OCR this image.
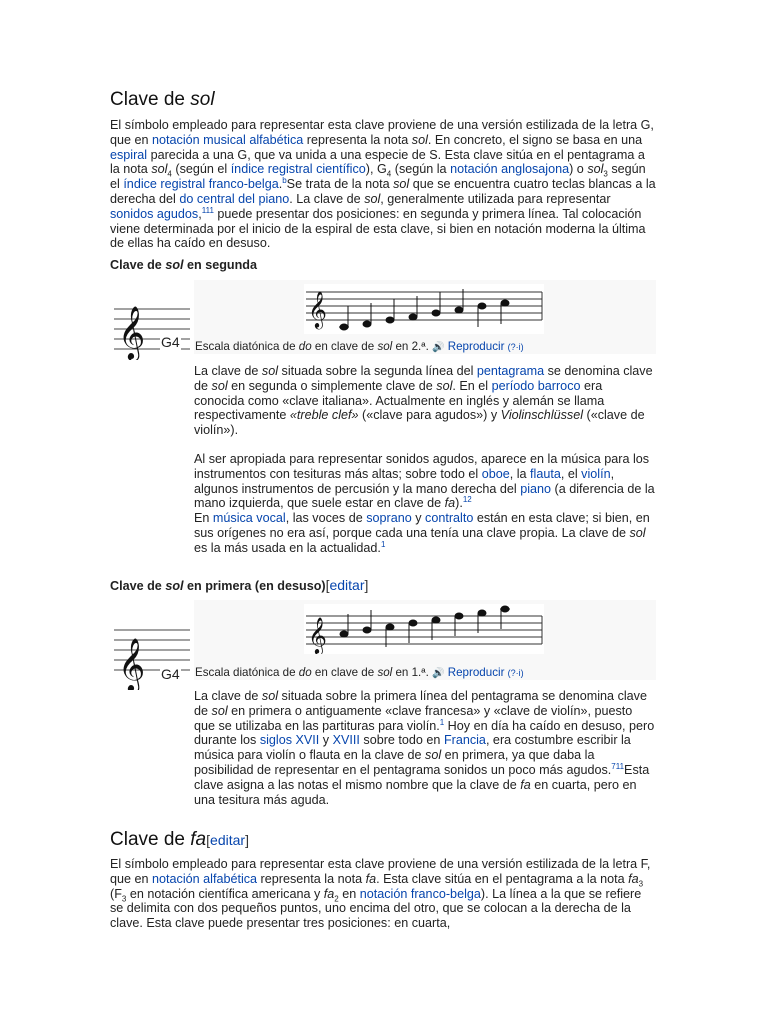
Clave de sol

El símbolo empleado para representar esta clave proviene de una versión estilizada de la letra G, que en notación musical alfabética representa la nota sol. En concreto, el signo se basa en una espiral parecida a una G, que va unida a una especie de S. Esta clave sitúa en el pentagrama a la nota sol$_4$ (según el índice registral científico), $G_4$ (según la notación anglosajona) o sol$_3$ según el índice registral franco-belga.$^b$Se trata de la nota sol que se encuentra cuatro teclas blancas a la derecha del do central del piano. La clave de sol, generalmente utilizada para representar sonidos agudos,$^{111}$ puede presentar dos posiciones: en segunda y primera línea. Tal colocación viene determinada por el inicio de la espiral de esta clave, si bien en notación moderna la última de ellas ha caído en desuso.

Clave de sol en segunda
𝄞 G4
𝄞
Escala diatónica de do en clave de sol en 2.ª. 🔊 Reproducir (?·i)

La clave de sol situada sobre la segunda línea del pentagrama se denomina clave de sol en segunda o simplemente clave de sol. En el período barroco era conocida como «clave italiana». Actualmente en inglés y alemán se llama respectivamente «treble clef» («clave para agudos») y Violinschlüssel («clave de violín»).

Al ser apropiada para representar sonidos agudos, aparece en la música para los instrumentos con tesituras más altas; sobre todo el oboe, la flauta, el violín, algunos instrumentos de percusión y la mano derecha del piano (a diferencia de la mano izquierda, que suele estar en clave de fa).$^{12}$
En música vocal, las voces de soprano y contralto están en esta clave; si bien, en sus orígenes no era así, porque cada una tenía una clave propia. La clave de sol es la más usada en la actualidad.$^1$

Clave de sol en primera (en desuso)[editar]
𝄞 G4
𝄞
Escala diatónica de do en clave de sol en 1.ª. 🔊 Reproducir (?·i)

La clave de sol situada sobre la primera línea del pentagrama se denomina clave de sol en primera o antiguamente «clave francesa» y «clave de violín», puesto que se utilizaba en las partituras para violín.$^1$ Hoy en día ha caído en desuso, pero durante los siglos XVII y XVIII sobre todo en Francia, era costumbre escribir la música para violín o flauta en la clave de sol en primera, ya que daba la posibilidad de representar en el pentagrama sonidos un poco más agudos.$^{711}$Esta clave asigna a las notas el mismo nombre que la clave de fa en cuarta, pero en una tesitura más aguda.

Clave de fa[editar]

El símbolo empleado para representar esta clave proviene de una versión estilizada de la letra F, que en notación alfabética representa la nota fa. Esta clave sitúa en el pentagrama a la nota $fa_3$ ($F_3$ en notación científica americana y $fa_2$ en notación franco-belga). La línea a la que se refiere se delimita con dos pequeños puntos, uno encima del otro, que se colocan a la derecha de la clave. Esta clave puede presentar tres posiciones: en cuarta,
